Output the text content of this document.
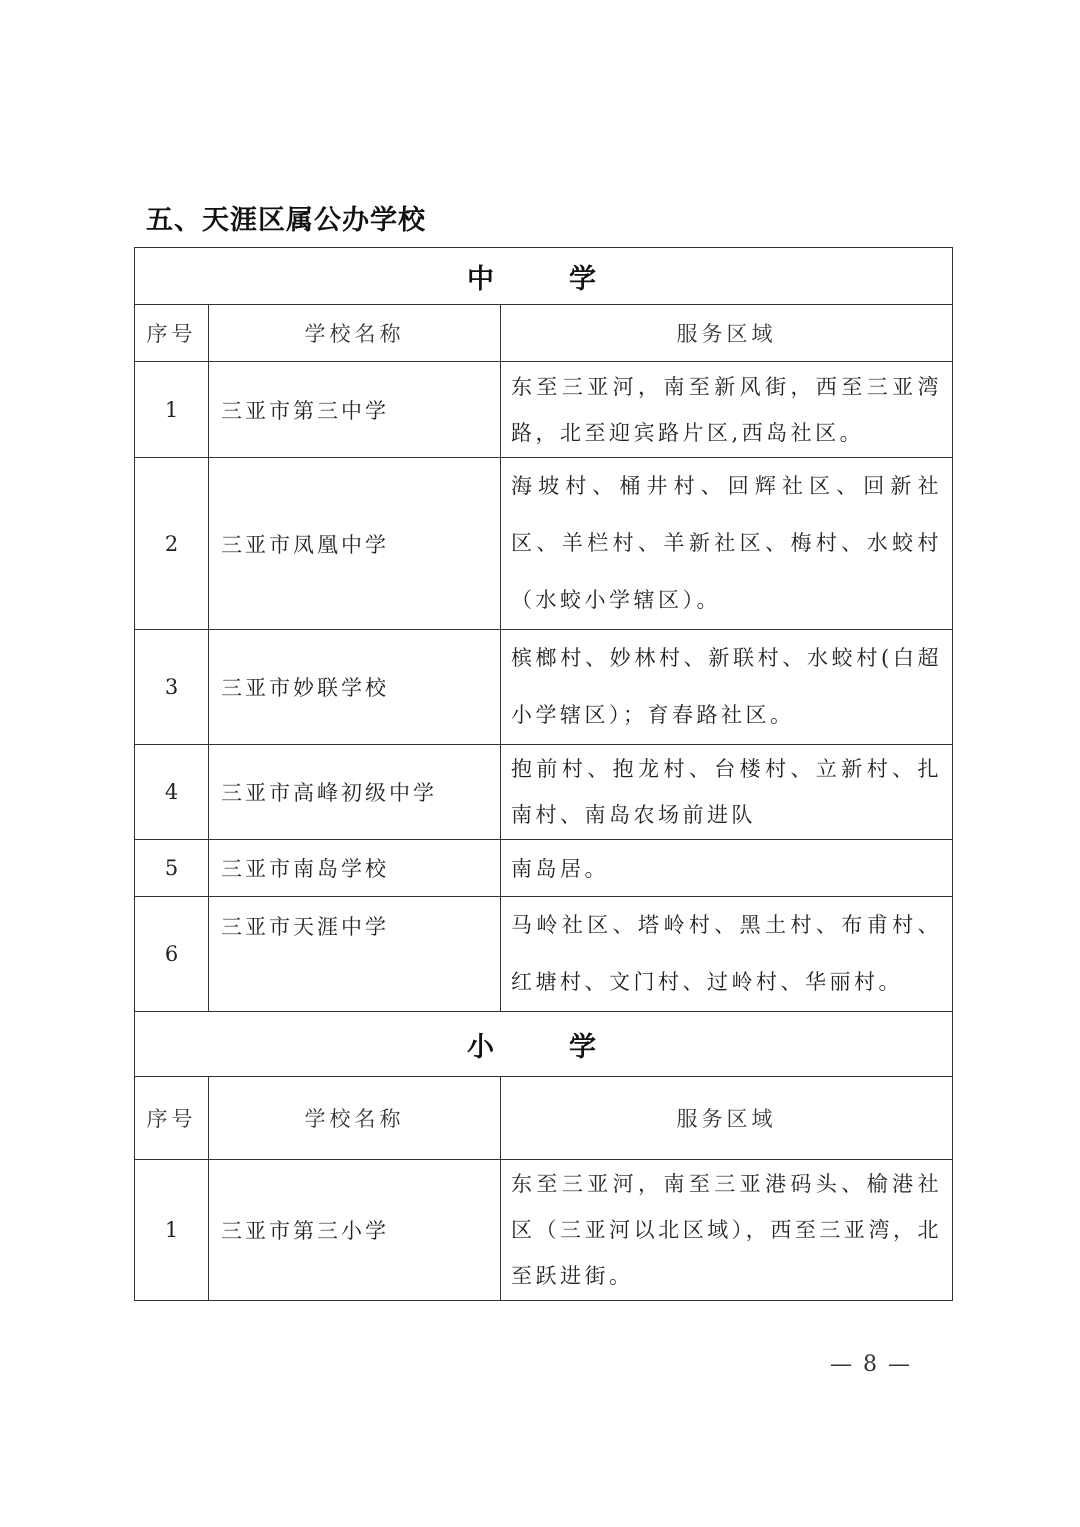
五、天涯区属公办学校
中　学		
序号	学校名称	服务区域
1	三亚市第三中学	东至三亚河，南至新风街，西至三亚湾路，北至迎宾路片区,西岛社区。
2	三亚市凤凰中学	海坡村、桶井村、回辉社区、回新社区、羊栏村、羊新社区、梅村、水蛟村（水蛟小学辖区）。
3	三亚市妙联学校	槟榔村、妙林村、新联村、水蛟村(白超小学辖区）；育春路社区。
4	三亚市高峰初级中学	抱前村、抱龙村、台楼村、立新村、扎南村、南岛农场前进队
5	三亚市南岛学校	南岛居。
6	三亚市天涯中学	马岭社区、塔岭村、黑土村、布甫村、红塘村、文门村、过岭村、华丽村。
小　学		
序号	学校名称	服务区域
1	三亚市第三小学	东至三亚河，南至三亚港码头、榆港社区（三亚河以北区域），西至三亚湾，北至跃进街。
— 8 —
